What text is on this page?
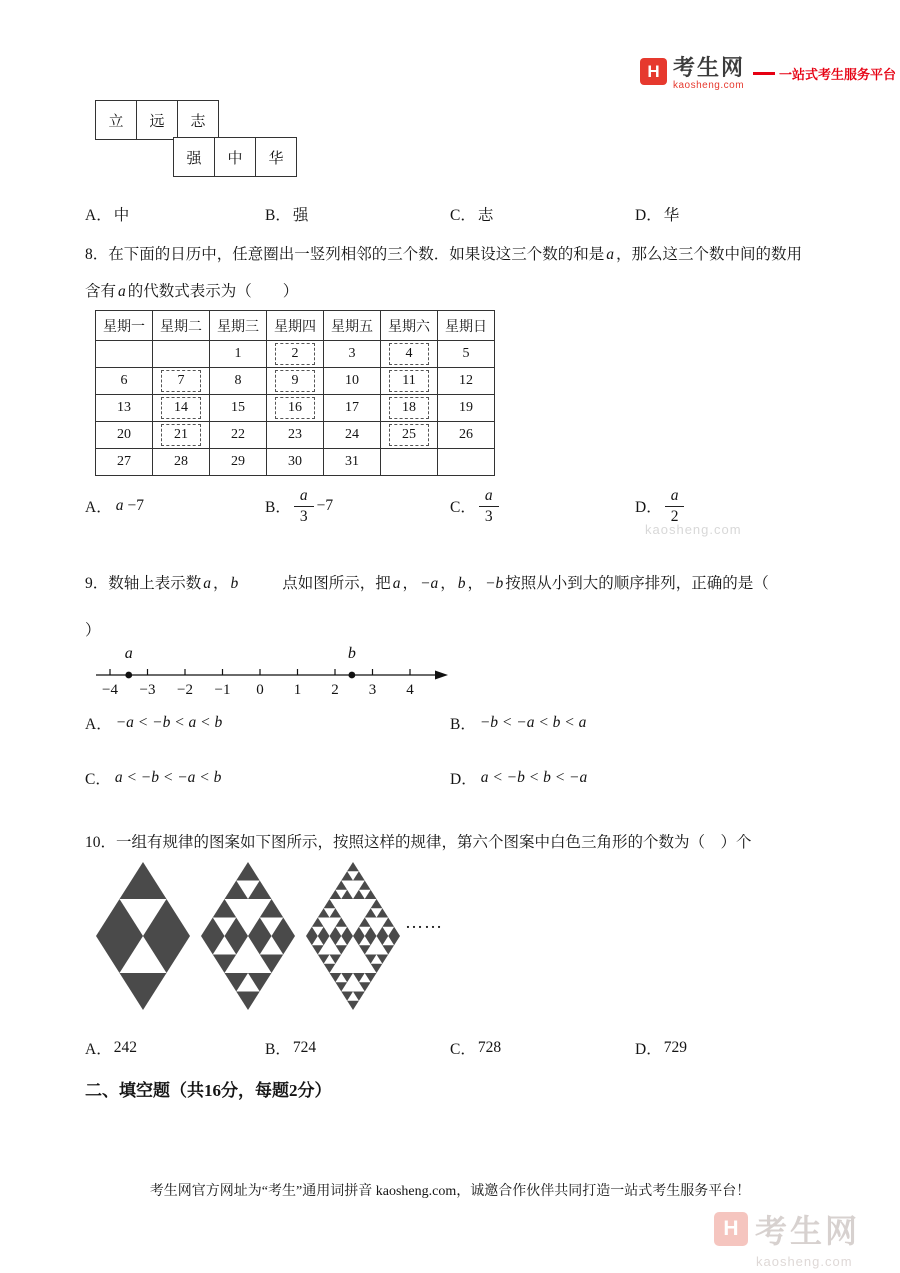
H 考生网
kaosheng.com
一站式考生服务平台
立	远	志
强	中	华
A． 中	B． 强	C． 志	D． 华
8．在下面的日历中，任意圈出一竖列相邻的三个数．如果设这三个数的和是 a ，那么这三个数中间的数用
含有 a 的代数式表示为（　　）
星期一	星期二	星期三	星期四	星期五	星期六	星期日
		1	2	3	4	5
6	7	8	9	10	11	12
13	14	15	16	17	18	19
20	21	22	23	24	25	26
27	28	29	30	31		
A． a −7	B． $\frac{a}{3} -7$	C． $\frac{a}{3}$	D． $\frac{a}{2}$
kaosheng.com
9．数轴上表示数 a ， b	点如图所示，把 a ， −a ， b ， −b 按照从小到大的顺序排列，正确的是（
）
−4 −3 −2 −1 0 1 2 3 4
a	b
A． −a < −b < a < b	B． −b < −a < b < a
C． a < −b < −a < b	D． a < −b < b < −a
10．一组有规律的图案如下图所示，按照这样的规律，第六个图案中白色三角形的个数为（　）个
……
A． 242	B． 724	C． 728	D． 729
二、填空题（共16分，每题2分）
考生网官方网址为“考生”通用词拼音 kaosheng.com，诚邀合作伙伴共同打造一站式考生服务平台！
H 考生网
kaosheng.com
